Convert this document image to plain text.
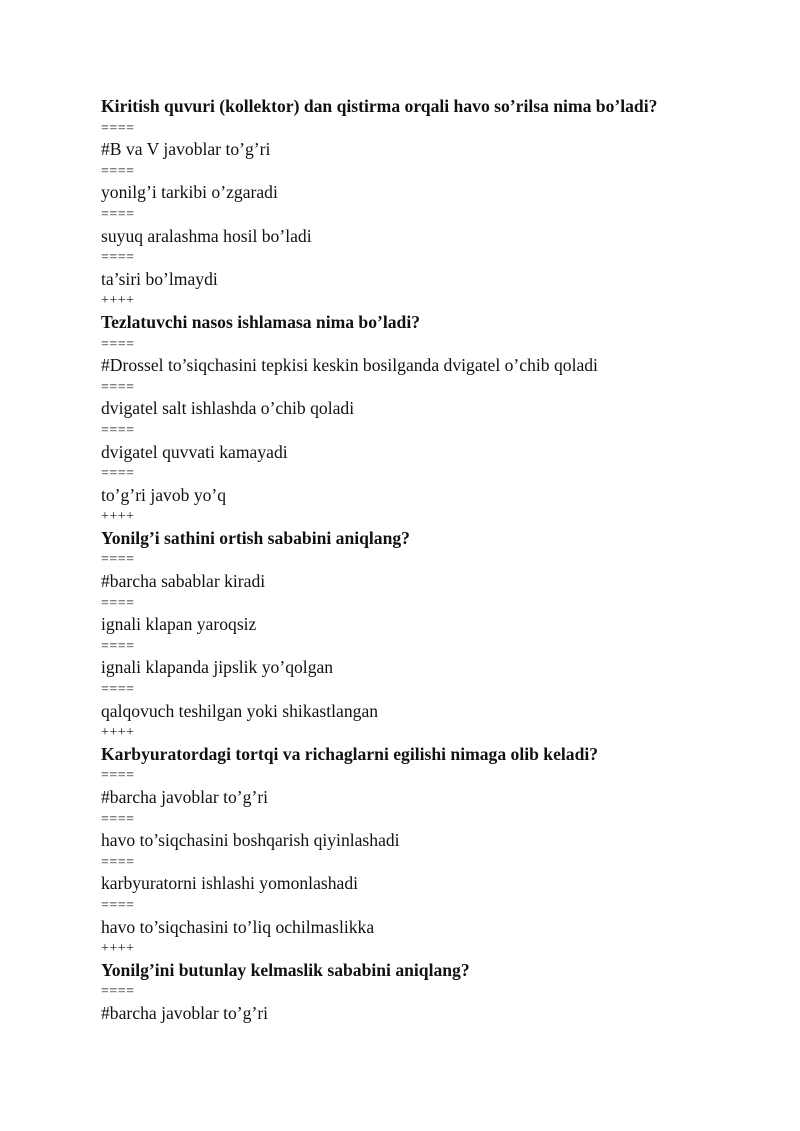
Kiritish quvuri (kollektor) dan qistirma orqali havo so’rilsa nima bo’ladi?
====
#B va V javoblar to’g’ri
====
yonilg’i tarkibi o’zgaradi
====
suyuq aralashma hosil bo’ladi
====
ta’siri bo’lmaydi
++++
Tezlatuvchi nasos ishlamasa nima bo’ladi?
====
#Drossel to’siqchasini tepkisi keskin bosilganda dvigatel o’chib qoladi
====
dvigatel salt ishlashda o’chib qoladi
====
dvigatel quvvati kamayadi
====
to’g’ri javob yo’q
++++
Yonilg’i sathini ortish sababini aniqlang?
====
#barcha sabablar kiradi
====
ignali klapan yaroqsiz
====
ignali klapanda jipslik yo’qolgan
====
qalqovuch teshilgan yoki shikastlangan
++++
Karbyuratordagi tortqi va richaglarni egilishi nimaga olib keladi?
====
#barcha javoblar to’g’ri
====
havo to’siqchasini boshqarish qiyinlashadi
====
karbyuratorni ishlashi yomonlashadi
====
havo to’siqchasini to’liq ochilmaslikka
++++
Yonilg’ini butunlay kelmaslik sababini aniqlang?
====
#barcha javoblar to’g’ri
